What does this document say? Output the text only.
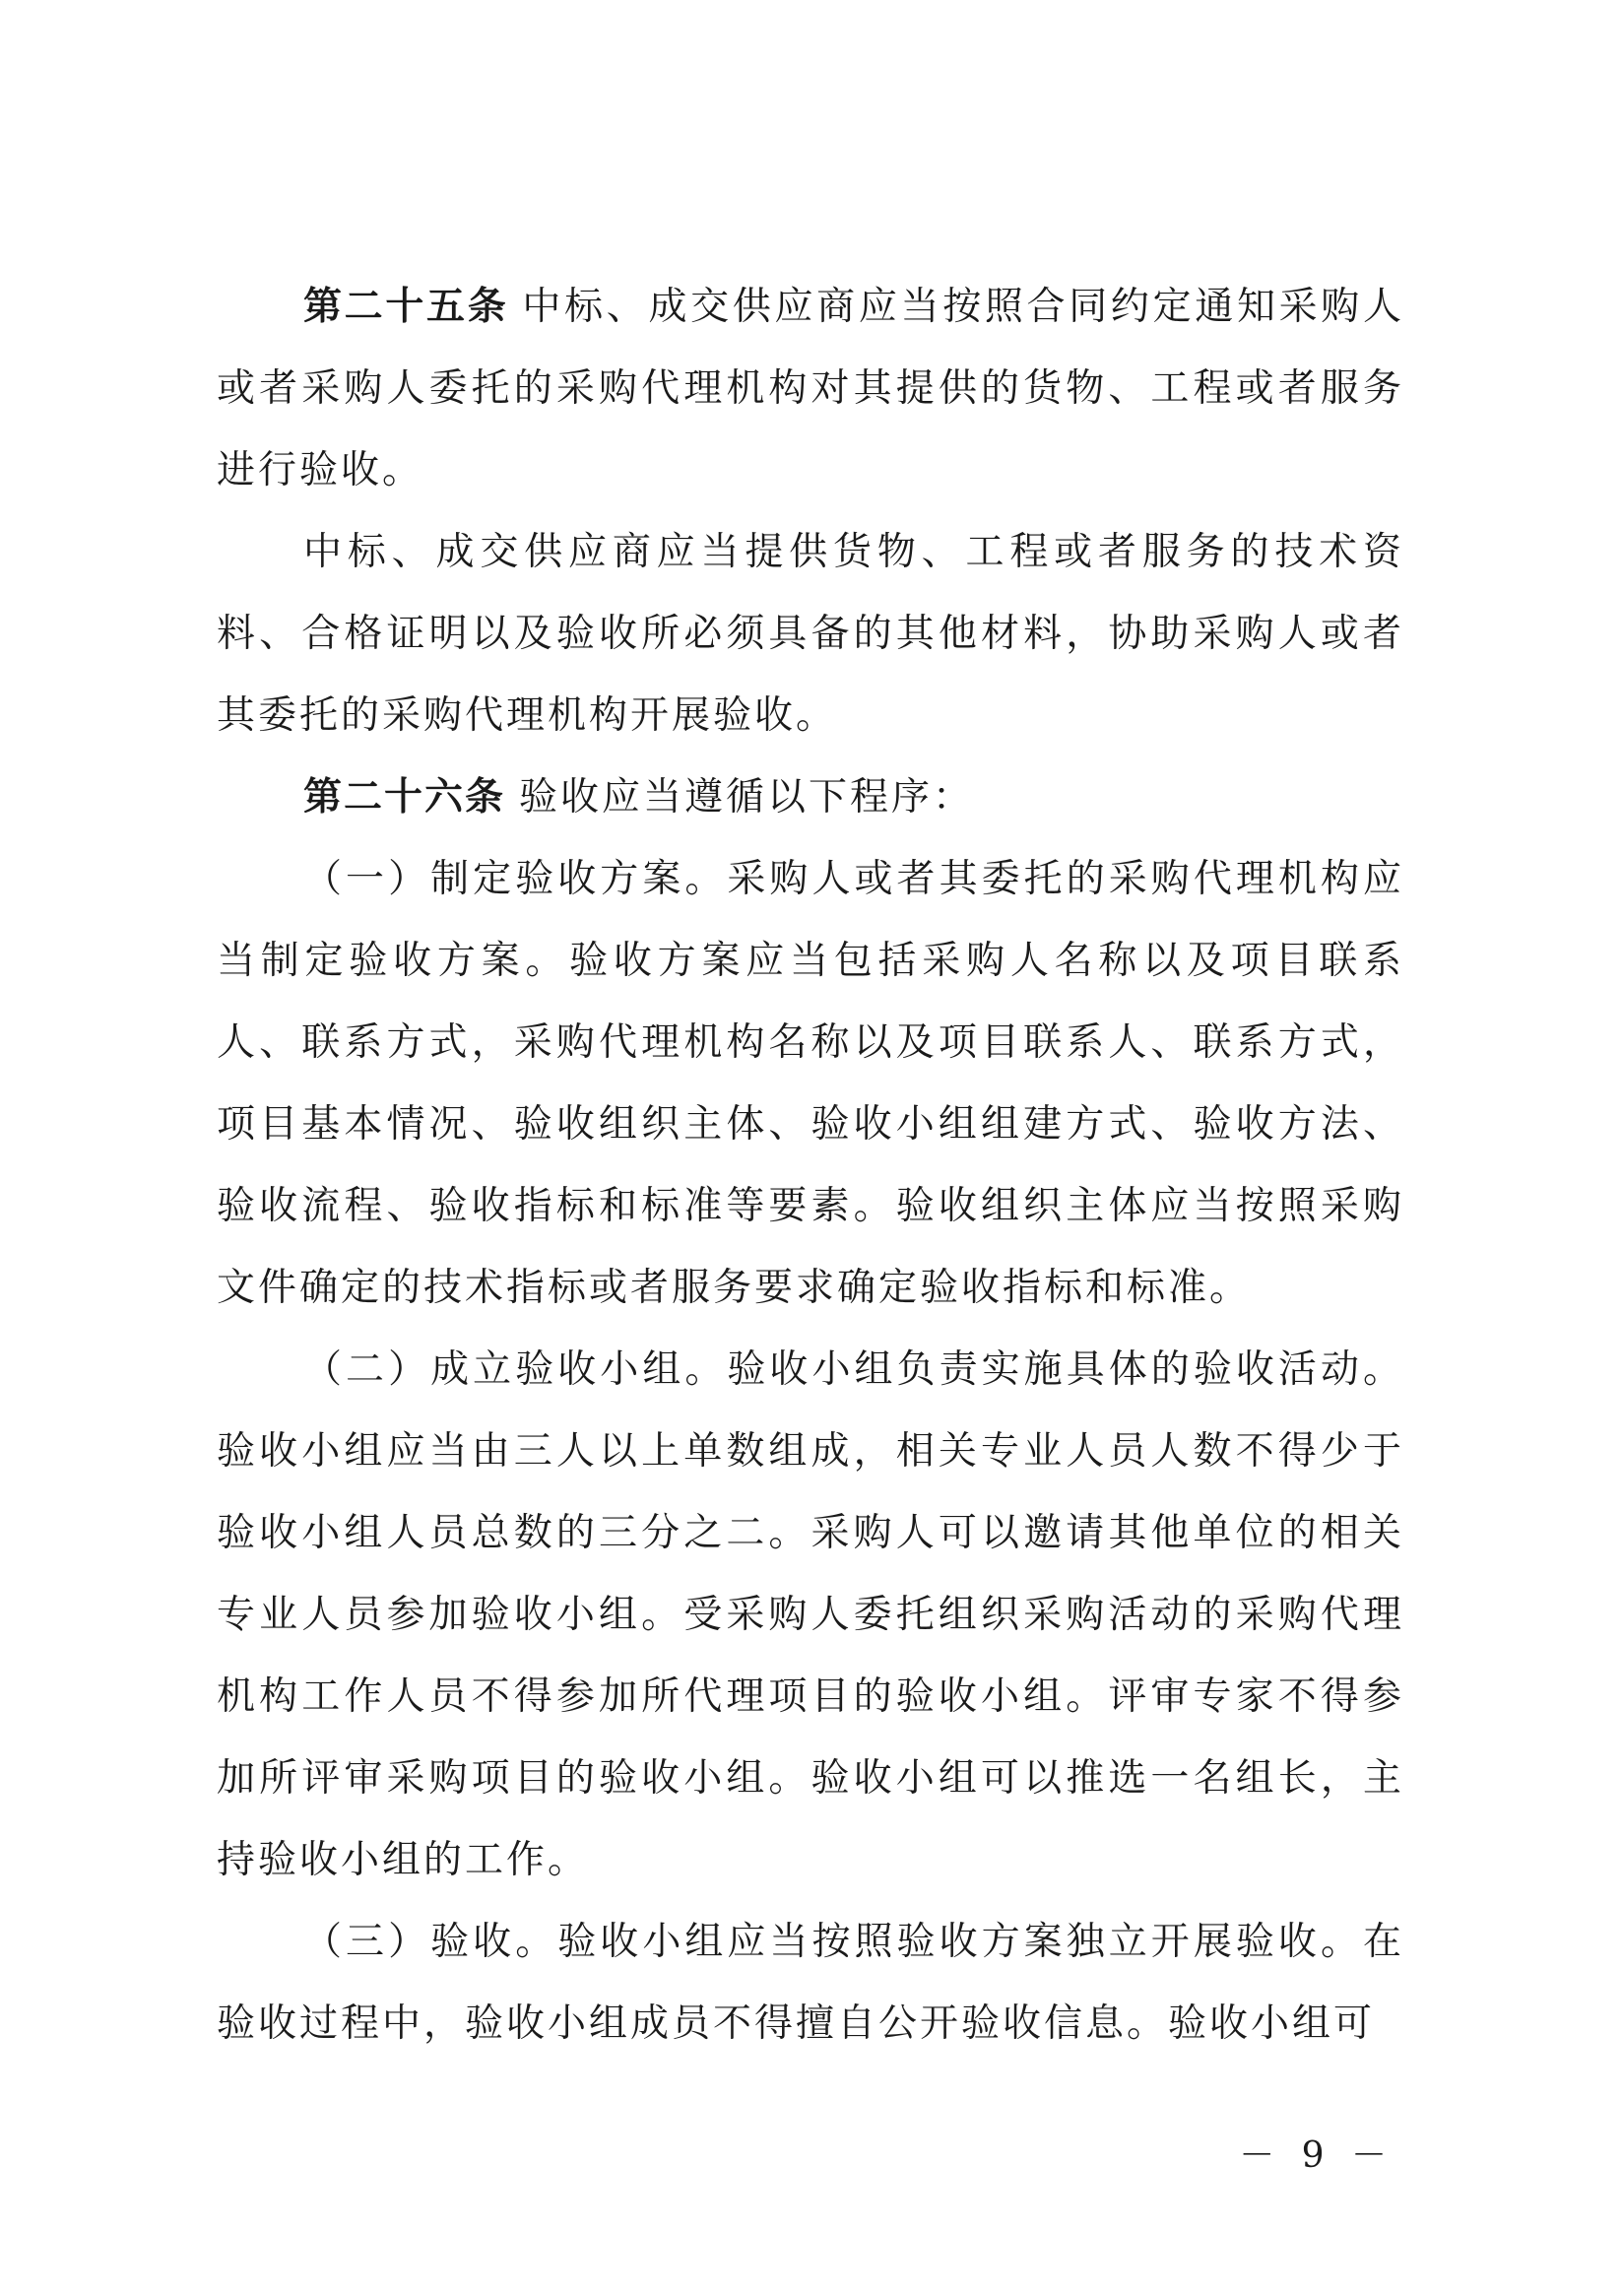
第二十五条 中标、成交供应商应当按照合同约定通知采购人或者采购人委托的采购代理机构对其提供的货物、工程或者服务进行验收。

中标、成交供应商应当提供货物、工程或者服务的技术资料、合格证明以及验收所必须具备的其他材料，协助采购人或者其委托的采购代理机构开展验收。

第二十六条 验收应当遵循以下程序：

（一）制定验收方案。采购人或者其委托的采购代理机构应当制定验收方案。验收方案应当包括采购人名称以及项目联系人、联系方式，采购代理机构名称以及项目联系人、联系方式，项目基本情况、验收组织主体、验收小组组建方式、验收方法、验收流程、验收指标和标准等要素。验收组织主体应当按照采购文件确定的技术指标或者服务要求确定验收指标和标准。

（二）成立验收小组。验收小组负责实施具体的验收活动。验收小组应当由三人以上单数组成，相关专业人员人数不得少于验收小组人员总数的三分之二。采购人可以邀请其他单位的相关专业人员参加验收小组。受采购人委托组织采购活动的采购代理机构工作人员不得参加所代理项目的验收小组。评审专家不得参加所评审采购项目的验收小组。验收小组可以推选一名组长，主持验收小组的工作。

（三）验收。验收小组应当按照验收方案独立开展验收。在验收过程中，验收小组成员不得擅自公开验收信息。验收小组可

－ 9 －
